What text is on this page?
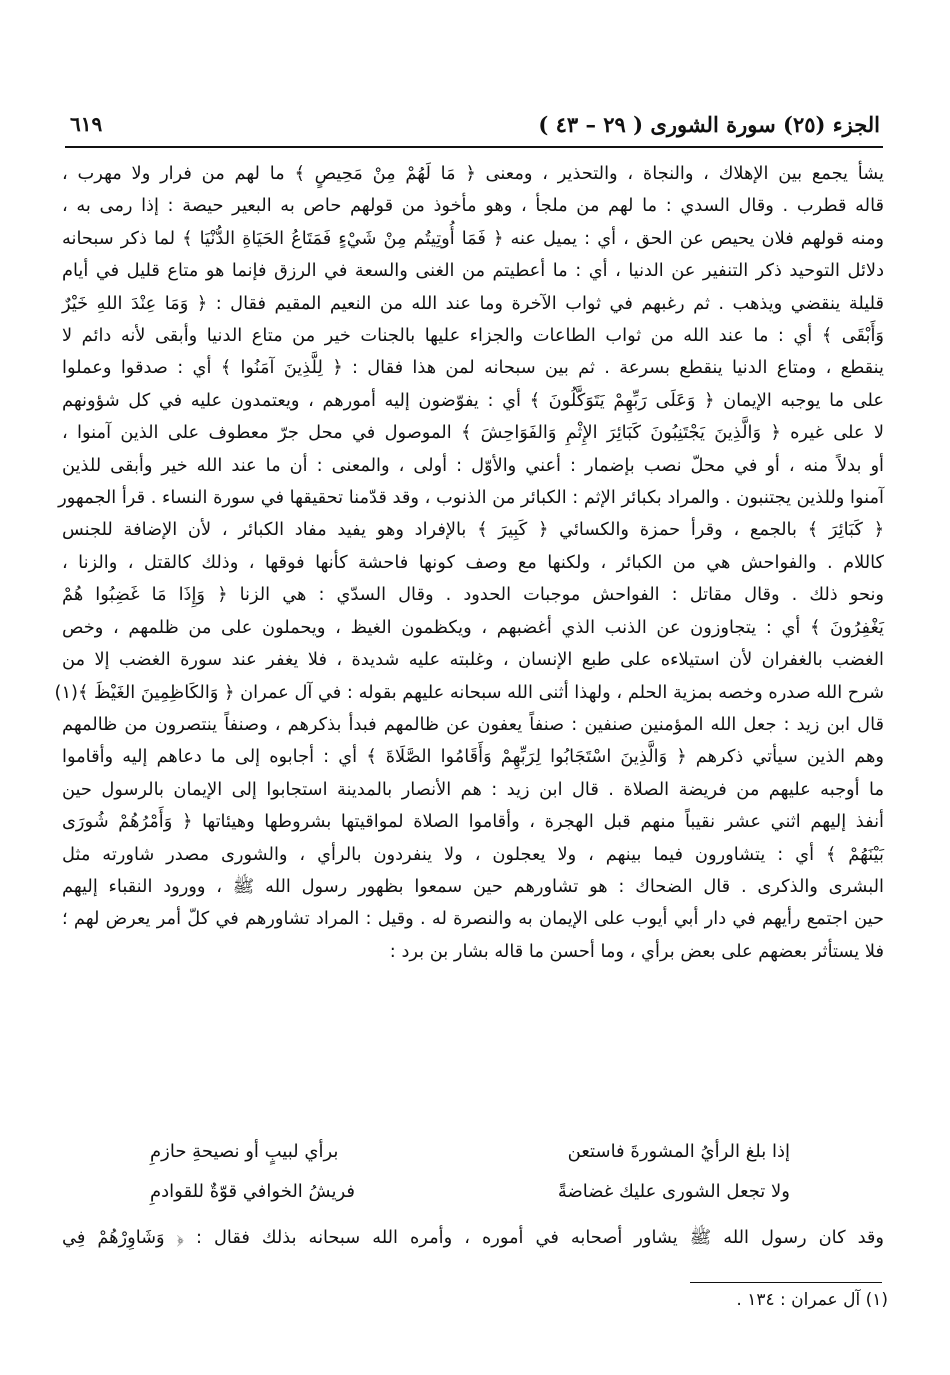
الجزء (٢٥) سورة الشورى ( ٢٩ – ٤٣ )
٦١٩
يشأ يجمع بين الإهلاك ، والنجاة ، والتحذير ، ومعنى ﴿ مَا لَهُمْ مِنْ مَحِيصٍ ﴾ ما لهم من فرار ولا مهرب ،
قاله قطرب . وقال السدي : ما لهم من ملجأ ، وهو مأخوذ من قولهم حاص به البعير حيصة : إذا رمى به ،
ومنه قولهم فلان يحيص عن الحق ، أي : يميل عنه ﴿ فَمَا أُوتِيتُم مِنْ شَيْءٍ فَمَتَاعُ الحَيَاةِ الدُّنْيَا ﴾ لما ذكر سبحانه
دلائل التوحيد ذكر التنفير عن الدنيا ، أي : ما أعطيتم من الغنى والسعة في الرزق فإنما هو متاع قليل في أيام
قليلة ينقضي ويذهب . ثم رغبهم في ثواب الآخرة وما عند الله من النعيم المقيم فقال : ﴿ وَمَا عِنْدَ اللهِ خَيْرٌ
وَأَبْقَى ﴾ أي : ما عند الله من ثواب الطاعات والجزاء عليها بالجنات خير من متاع الدنيا وأبقى لأنه دائم لا
ينقطع ، ومتاع الدنيا ينقطع بسرعة . ثم بين سبحانه لمن هذا فقال : ﴿ لِلَّذِينَ آمَنُوا ﴾ أي : صدقوا وعملوا
على ما يوجبه الإيمان ﴿ وَعَلَى رَبِّهِمْ يَتَوَكَّلُونَ ﴾ أي : يفوّضون إليه أمورهم ، ويعتمدون عليه في كل شؤونهم
لا على غيره ﴿ وَالَّذِينَ يَجْتَنِبُونَ كَبَائِرَ الإِثْمِ وَالفَوَاحِشَ ﴾ الموصول في محل جرّ معطوف على الذين آمنوا ،
أو بدلاً منه ، أو في محلّ نصب بإضمار : أعني والأوّل : أولى ، والمعنى : أن ما عند الله خير وأبقى للذين
آمنوا وللذين يجتنبون . والمراد بكبائر الإثم : الكبائر من الذنوب ، وقد قدّمنا تحقيقها في سورة النساء . قرأ الجمهور
﴿ كَبَائِرَ ﴾ بالجمع ، وقرأ حمزة والكسائي ﴿ كَبِيرَ ﴾ بالإفراد وهو يفيد مفاد الكبائر ، لأن الإضافة للجنس
كاللام . والفواحش هي من الكبائر ، ولكنها مع وصف كونها فاحشة كأنها فوقها ، وذلك كالقتل ، والزنا ،
ونحو ذلك . وقال مقاتل : الفواحش موجبات الحدود . وقال السدّي : هي الزنا ﴿ وَإِذَا مَا غَضِبُوا هُمْ
يَغْفِرُونَ ﴾ أي : يتجاوزون عن الذنب الذي أغضبهم ، ويكظمون الغيظ ، ويحملون على من ظلمهم ، وخص
الغضب بالغفران لأن استيلاءه على طبع الإنسان ، وغلبته عليه شديدة ، فلا يغفر عند سورة الغضب إلا من
شرح الله صدره وخصه بمزية الحلم ، ولهذا أثنى الله سبحانه عليهم بقوله : في آل عمران ﴿ وَالكَاظِمِينَ الغَيْظَ ﴾(١)
قال ابن زيد : جعل الله المؤمنين صنفين : صنفاً يعفون عن ظالمهم فبدأ بذكرهم ، وصنفاً ينتصرون من ظالمهم
وهم الذين سيأتي ذكرهم ﴿ وَالَّذِينَ اسْتَجَابُوا لِرَبِّهِمْ وَأَقَامُوا الصَّلَاةَ ﴾ أي : أجابوه إلى ما دعاهم إليه وأقاموا
ما أوجبه عليهم من فريضة الصلاة . قال ابن زيد : هم الأنصار بالمدينة استجابوا إلى الإيمان بالرسول حين
أنفذ إليهم اثني عشر نقيباً منهم قبل الهجرة ، وأقاموا الصلاة لمواقيتها بشروطها وهيئاتها ﴿ وَأَمْرُهُمْ شُورَى
بَيْنَهُمْ ﴾ أي : يتشاورون فيما بينهم ، ولا يعجلون ، ولا ينفردون بالرأي ، والشورى مصدر شاورته مثل
البشرى والذكرى . قال الضحاك : هو تشاورهم حين سمعوا بظهور رسول الله ﷺ ، وورود النقباء إليهم
حين اجتمع رأيهم في دار أبي أيوب على الإيمان به والنصرة له . وقيل : المراد تشاورهم في كلّ أمر يعرض لهم ؛
فلا يستأثر بعضهم على بعض برأي ، وما أحسن ما قاله بشار بن برد :
إذا بلغ الرأيُ المشورةَ فاستعن
برأي لبيبٍ أو نصيحةِ حازمِ
ولا تجعل الشورى عليك غضاضةً
فريشُ الخوافي قوّةٌ للقوادمِ
وقد كان رسول الله ﷺ يشاور أصحابه في أموره ، وأمره الله سبحانه بذلك فقال : ﴿ وَشَاوِرْهُمْ فِي
(١) آل عمران : ١٣٤ .
